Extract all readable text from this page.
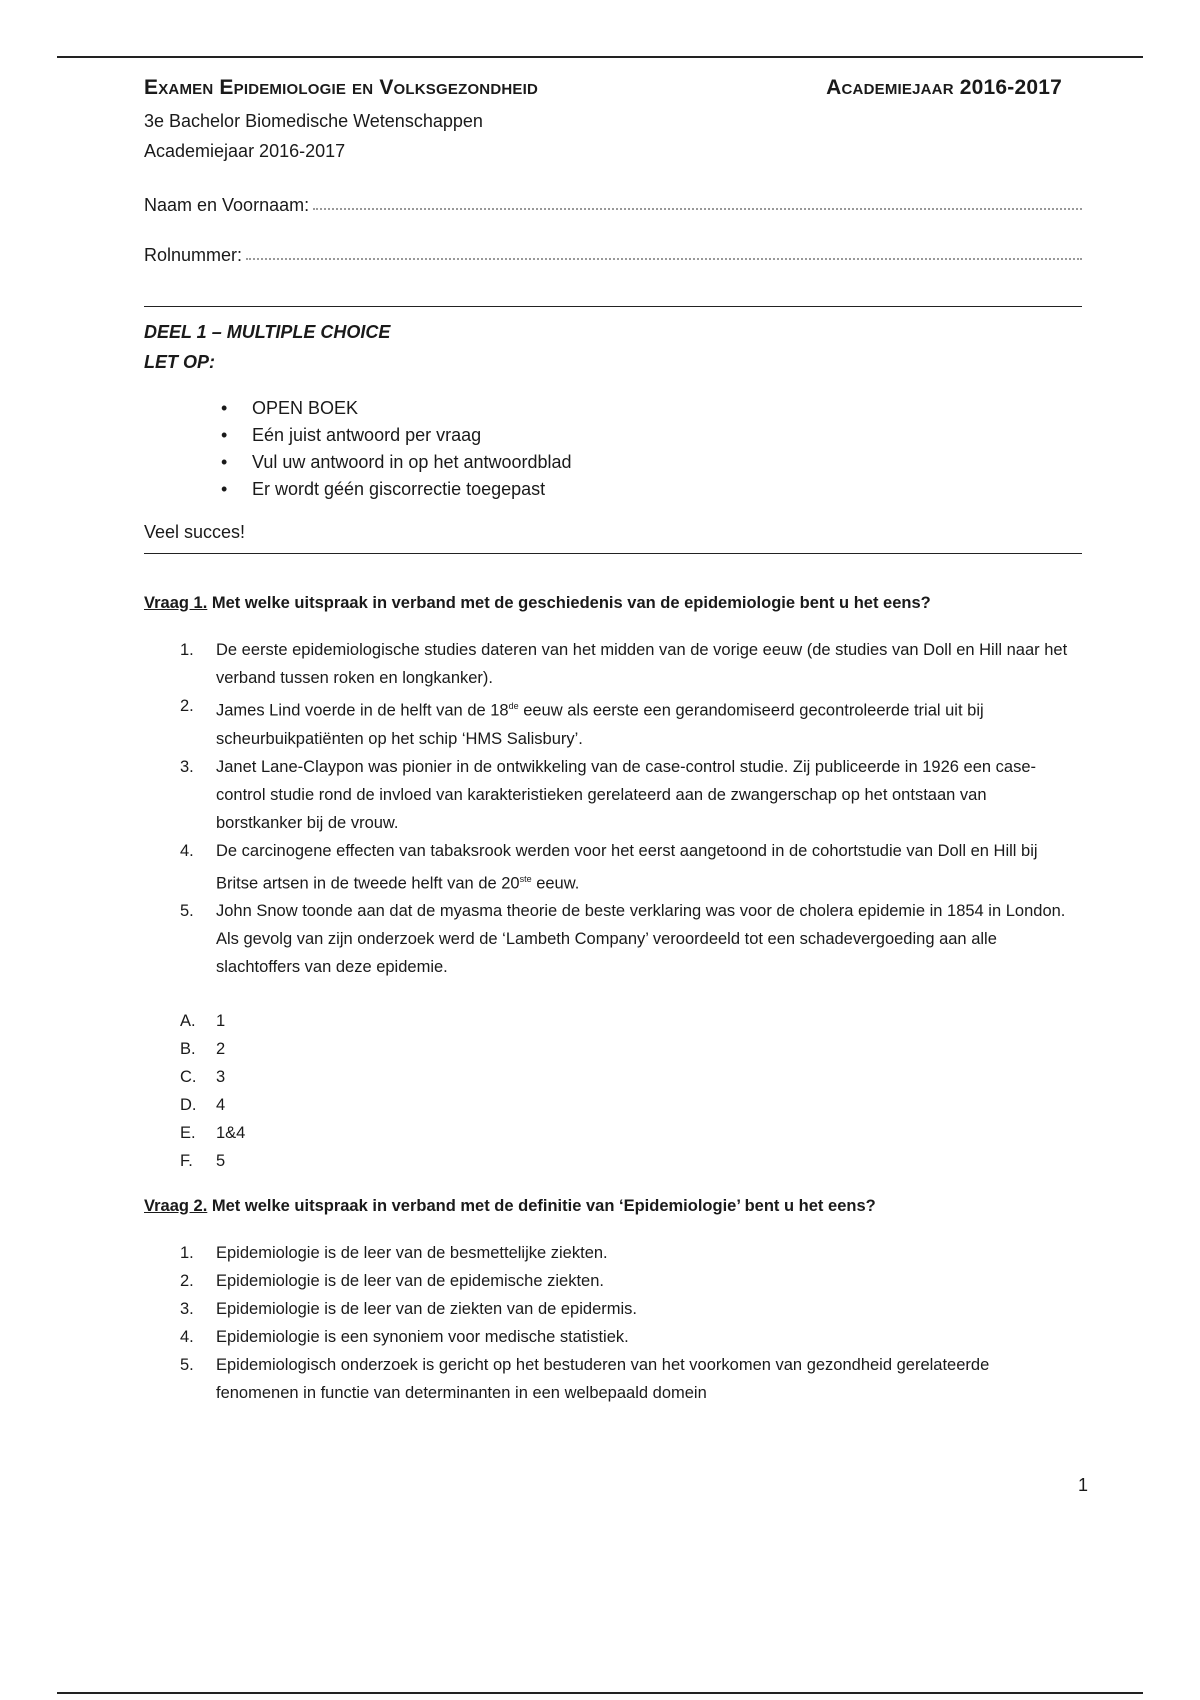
Examen Epidemiologie en Volksgezondheid	Academiejaar 2016-2017
3e Bachelor Biomedische Wetenschappen
Academiejaar 2016-2017
Naam en Voornaam:
Rolnummer:
DEEL 1 – MULTIPLE CHOICE
LET OP:
• OPEN BOEK
• Eén juist antwoord per vraag
• Vul uw antwoord in op het antwoordblad
• Er wordt géén giscorrectie toegepast
Veel succes!
Vraag 1. Met welke uitspraak in verband met de geschiedenis van de epidemiologie bent u het eens?
1. De eerste epidemiologische studies dateren van het midden van de vorige eeuw (de studies van Doll en Hill naar het verband tussen roken en longkanker).
2. James Lind voerde in de helft van de 18de eeuw als eerste een gerandomiseerd gecontroleerde trial uit bij scheurbuikpatiënten op het schip ‘HMS Salisbury’.
3. Janet Lane-Claypon was pionier in de ontwikkeling van de case-control studie. Zij publiceerde in 1926 een case-control studie rond de invloed van karakteristieken gerelateerd aan de zwangerschap op het ontstaan van borstkanker bij de vrouw.
4. De carcinogene effecten van tabaksrook werden voor het eerst aangetoond in de cohortstudie van Doll en Hill bij Britse artsen in de tweede helft van de 20ste eeuw.
5. John Snow toonde aan dat de myasma theorie de beste verklaring was voor de cholera epidemie in 1854 in London. Als gevolg van zijn onderzoek werd de ‘Lambeth Company’ veroordeeld tot een schadevergoeding aan alle slachtoffers van deze epidemie.
A. 1
B. 2
C. 3
D. 4
E. 1&4
F. 5
Vraag 2. Met welke uitspraak in verband met de definitie van ‘Epidemiologie’ bent u het eens?
1. Epidemiologie is de leer van de besmettelijke ziekten.
2. Epidemiologie is de leer van de epidemische ziekten.
3. Epidemiologie is de leer van de ziekten van de epidermis.
4. Epidemiologie is een synoniem voor medische statistiek.
5. Epidemiologisch onderzoek is gericht op het bestuderen van het voorkomen van gezondheid gerelateerde fenomenen in functie van determinanten in een welbepaald domein
1
